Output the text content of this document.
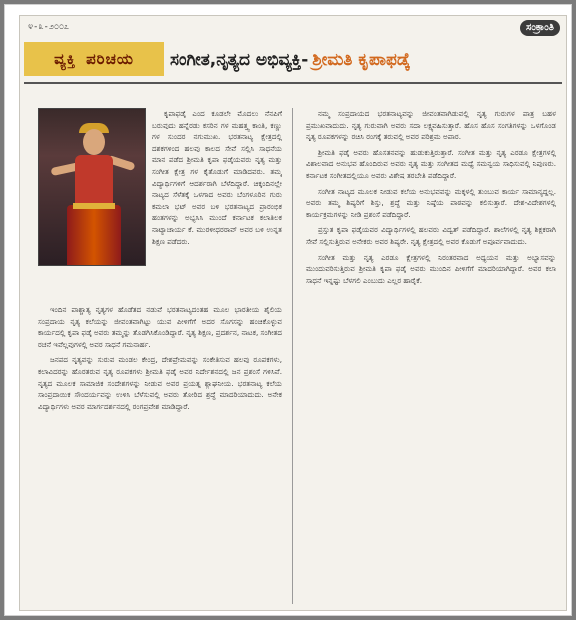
೪-೩-೨೦೦೭	ಸಂಕ್ರಾಂತಿ
ವ್ಯಕ್ತಿ ಪರಿಚಯ ಸಂಗೀತ,ನೃತ್ಯದ ಅಭಿವ್ಯಕ್ತಿ- ಶ್ರೀಮತಿ ಕೃಪಾಫಡ್ಕೆ

ಕೃಪಾಫಡ್ಕೆ ಎಂದ ಕೂಡಲೇ ಮೊದಲು ನೆನಪಿಗೆ ಬರುವುದು ಹನ್ನೆರಡು ಕಸರಿನ ಗಳ ಮಹತ್ತ್ವ ಕಾಂತಿ, ಕಣ್ಣು ಗಳ ಸುಂದರ ನಗುಮುಖ. ಭರತನಾಟ್ಯ ಕ್ಷೇತ್ರದಲ್ಲಿ ದಶಕಗಳಿಂದ ಹಲವು ಕಾಲದ ಸೇವೆ ಸಲ್ಲಿಸಿ ಸಾಧನೆಯ ಮಾನ ಪಡೆದ ಶ್ರೀಮತಿ ಕೃಪಾ ಫಡ್ಕೆಯವರು ನೃತ್ಯ ಮತ್ತು ಸಂಗೀತ ಕ್ಷೇತ್ರ ಗಳ ಕೈತೊಡುಗೆ ಮಾಡಿದವರು. ತಮ್ಮ ವಿದ್ಯಾರ್ಥಿಗಳಿಗೆ ಆದರ್ಶರಾಗಿ ಬೆಳೆದಿದ್ದಾರೆ. ಚಿಕ್ಕಂದಿನಲ್ಲೇ ನಾಟ್ಯದ ಸೆಳೆತಕ್ಕೆ ಒಳಗಾದ ಅವರು ಬೆಂಗಳೂರಿನ ಗುರು ಕಮಲಾ ಭಟ್ ಅವರ ಬಳಿ ಭರತನಾಟ್ಯದ ಪ್ರಾರಂಭಿಕ ಹಂತಗಳನ್ನು ಅಭ್ಯಸಿಸಿ ಮುಂದೆ ಕರ್ನಾಟಕ ಕಲಾತಿಲಕ ನಾಟ್ಯಾಚಾರ್ಯ ಕೆ. ಮುರಳೀಧರರಾವ್ ಅವರ ಬಳಿ ಉನ್ನತ ಶಿಕ್ಷಣ ಪಡೆದರು.

ಇಂದಿನ ಪಾಶ್ಚಾತ್ಯ ನೃತ್ಯಗಳ ಹೊಡೆತದ ನಡುವೆ ಭರತನಾಟ್ಯದಂತಹ ಮೂಲ ಭಾರತೀಯ ಶೈಲಿಯ ಸಂಪ್ರದಾಯ ನೃತ್ಯ ಕಲೆಯನ್ನು ಜೀವಂತವಾಗಿಟ್ಟು ಯುವ ಪೀಳಿಗೆಗೆ ಅದರ ಸೊಗಸನ್ನು ಹಂಚಿಕೊಳ್ಳುವ ಕಾರ್ಯದಲ್ಲಿ ಕೃಪಾ ಫಡ್ಕೆ ಅವರು ತಮ್ಮನ್ನು ತೊಡಗಿಸಿಕೊಂಡಿದ್ದಾರೆ. ನೃತ್ಯ ಶಿಕ್ಷಣ, ಪ್ರದರ್ಶನ, ನಾಟಕ, ಸಂಗೀತದ ರಚನೆ ಇವೆಲ್ಲವುಗಳಲ್ಲಿ ಅವರ ಸಾಧನೆ ಗಮನಾರ್ಹ.

ಜನಪದ ನೃತ್ಯವನ್ನು ಸುರುವ ಮಂಡಲ ಕೇಂದ್ರ, ದೇಶಪ್ರೇಮವನ್ನು ಸಂಕೇತಿಸುವ ಹಲವು ರೂಪಕಗಳು, ಕಲಾವಿದರನ್ನು ಹೊರತರುವ ನೃತ್ಯ ರೂಪಕಗಳು ಶ್ರೀಮತಿ ಫಡ್ಕೆ ಅವರ ನಿರ್ದೇಶನದಲ್ಲಿ ಜನ ಪ್ರಶಂಸೆ ಗಳಿಸಿವೆ. ನೃತ್ಯದ ಮೂಲಕ ಸಾಮಾಜಿಕ ಸಂದೇಶಗಳನ್ನು ನೀಡುವ ಅವರ ಪ್ರಯತ್ನ ಶ್ಲಾಘನೀಯ. ಭರತನಾಟ್ಯ ಕಲೆಯ ಸಾಂಪ್ರದಾಯಿಕ ಸೌಂದರ್ಯವನ್ನು ಉಳಿಸಿ ಬೆಳೆಸುವಲ್ಲಿ ಅವರು ತೋರಿದ ಶ್ರದ್ಧೆ ಮಾದರಿಯಾದುದು. ಅನೇಕ ವಿದ್ಯಾರ್ಥಿಗಳು ಅವರ ಮಾರ್ಗದರ್ಶನದಲ್ಲಿ ರಂಗಪ್ರವೇಶ ಮಾಡಿದ್ದಾರೆ.

ನಮ್ಮ ಸಂಪ್ರದಾಯದ ಭರತನಾಟ್ಯವನ್ನು ಜೀವಂತವಾಗಿಡುವಲ್ಲಿ ನೃತ್ಯ ಗುರುಗಳ ಪಾತ್ರ ಬಹಳ ಪ್ರಮುಖವಾದುದು. ನೃತ್ಯ ಗುರುವಾಗಿ ಅವರು ಸದಾ ಲಕ್ಷ್ಯವಹಿಸುತ್ತಾರೆ. ಹೊಸ ಹೊಸ ಸಂಗತಿಗಳನ್ನು ಒಳಗೊಂಡ ನೃತ್ಯ ರೂಪಕಗಳನ್ನು ರಚಿಸಿ ರಂಗಕ್ಕೆ ತರುವಲ್ಲಿ ಅವರ ಪರಿಶ್ರಮ ಅಪಾರ.

ಶ್ರೀಮತಿ ಫಡ್ಕೆ ಅವರು ಹೊಸತನವನ್ನು ಹುಡುಕುತ್ತಿರುತ್ತಾರೆ. ಸಂಗೀತ ಮತ್ತು ನೃತ್ಯ ಎರಡೂ ಕ್ಷೇತ್ರಗಳಲ್ಲಿ ವಿಶಾಲವಾದ ಅನುಭವ ಹೊಂದಿರುವ ಅವರು ನೃತ್ಯ ಮತ್ತು ಸಂಗೀತದ ಮಧ್ಯೆ ಸಮನ್ವಯ ಸಾಧಿಸುವಲ್ಲಿ ನಿಪುಣರು. ಕರ್ನಾಟಕ ಸಂಗೀತದಲ್ಲಿಯೂ ಅವರು ವಿಶೇಷ ತರಬೇತಿ ಪಡೆದಿದ್ದಾರೆ.

ಸಂಗೀತ ನಾಟ್ಯದ ಮೂಲಕ ನೀಡುವ ಕಲೆಯ ಅನುಭವವನ್ನು ಮಕ್ಕಳಲ್ಲಿ ತುಂಬುವ ಕಾರ್ಯ ಸಾಮಾನ್ಯದ್ದಲ್ಲ. ಅವರು ತಮ್ಮ ಶಿಷ್ಯರಿಗೆ ಶಿಸ್ತು, ಶ್ರದ್ಧೆ ಮತ್ತು ನಿಷ್ಠೆಯ ಪಾಠವನ್ನು ಕಲಿಸುತ್ತಾರೆ. ದೇಶ-ವಿದೇಶಗಳಲ್ಲಿ ಕಾರ್ಯಕ್ರಮಗಳನ್ನು ನೀಡಿ ಪ್ರಶಂಸೆ ಪಡೆದಿದ್ದಾರೆ.

ಪ್ರಸ್ತುತ ಕೃಪಾ ಫಡ್ಕೆಯವರ ವಿದ್ಯಾರ್ಥಿಗಳಲ್ಲಿ ಹಲವರು ವಿದ್ವತ್ ಪಡೆದಿದ್ದಾರೆ. ಶಾಲೆಗಳಲ್ಲಿ ನೃತ್ಯ ಶಿಕ್ಷಕರಾಗಿ ಸೇವೆ ಸಲ್ಲಿಸುತ್ತಿರುವ ಅನೇಕರು ಅವರ ಶಿಷ್ಯರೇ. ನೃತ್ಯ ಕ್ಷೇತ್ರದಲ್ಲಿ ಅವರ ಕೊಡುಗೆ ಅಪೂರ್ವವಾದುದು.

ಸಂಗೀತ ಮತ್ತು ನೃತ್ಯ ಎರಡೂ ಕ್ಷೇತ್ರಗಳಲ್ಲಿ ನಿರಂತರವಾದ ಅಧ್ಯಯನ ಮತ್ತು ಅಭ್ಯಾಸವನ್ನು ಮುಂದುವರಿಸುತ್ತಿರುವ ಶ್ರೀಮತಿ ಕೃಪಾ ಫಡ್ಕೆ ಅವರು ಮುಂದಿನ ಪೀಳಿಗೆಗೆ ಮಾದರಿಯಾಗಿದ್ದಾರೆ. ಅವರ ಕಲಾ ಸಾಧನೆ ಇನ್ನಷ್ಟು ಬೆಳಗಲಿ ಎಂಬುದು ಎಲ್ಲರ ಹಾರೈಕೆ.
